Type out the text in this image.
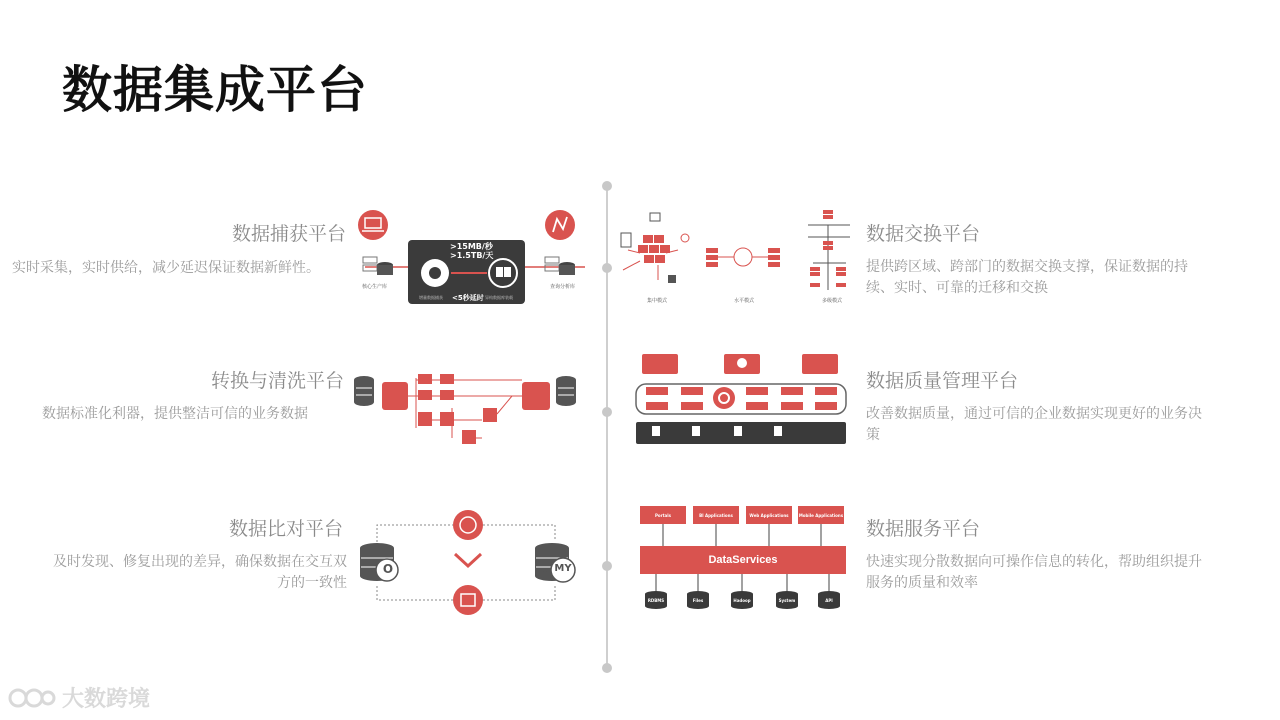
数据集成平台
数据捕获平台
实时采集，实时供给，减少延迟保证数据新鲜性。
>15MB/秒
>1.5TB/天
<5秒延时
核心生产库	查询分析库
增量数据捕获	异构数据库装载
数据交换平台
提供跨区域、跨部门的数据交换支撑，保证数据的持续、实时、可靠的迁移和交换
集中模式	水平模式	多级模式
转换与清洗平台
数据标准化利器，提供整洁可信的业务数据
数据质量管理平台
改善数据质量，通过可信的企业数据实现更好的业务决策
数据比对平台
及时发现、修复出现的差异，确保数据在交互双
方的一致性
O	MY
数据服务平台
快速实现分散数据向可操作信息的转化，帮助组织提升服务的质量和效率
Portals	BI Applications	Web Applications	Mobile Applications
DataServices
RDBMS	Files	Hadoop	System	API
大数跨境
